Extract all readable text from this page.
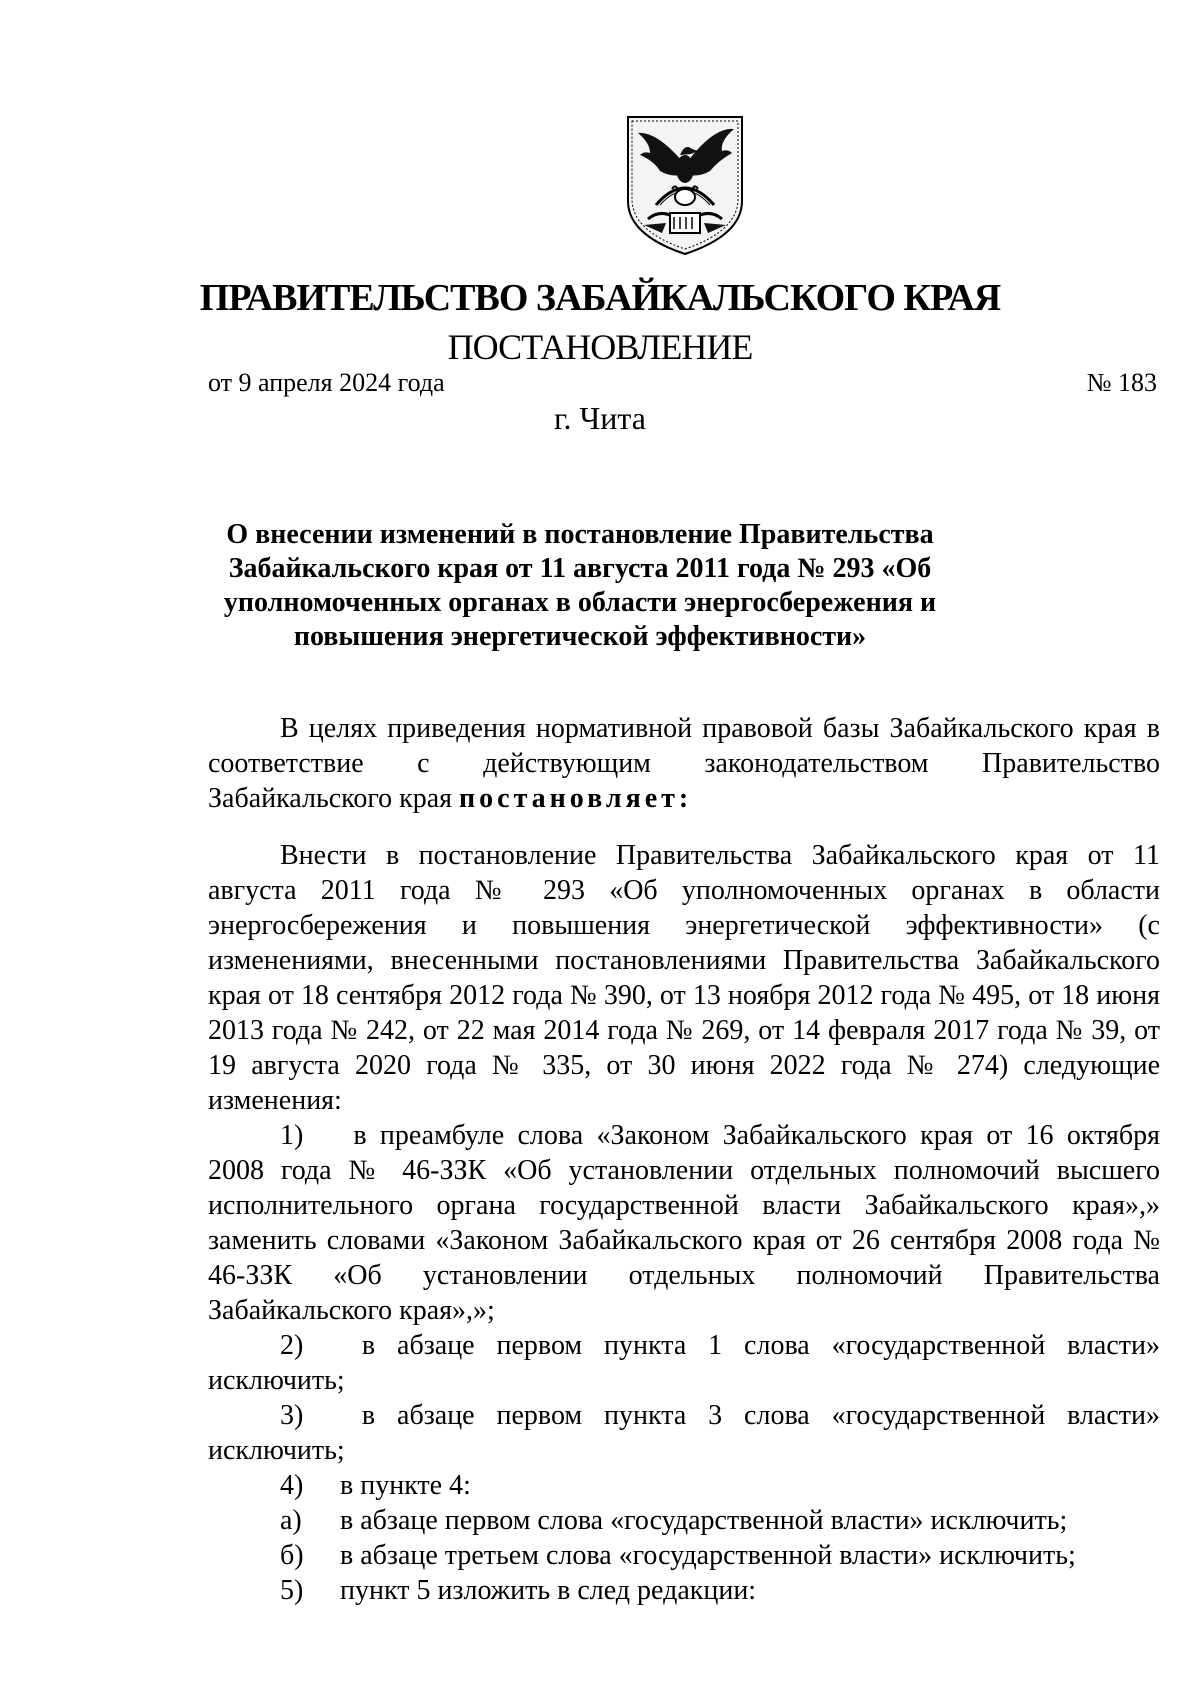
ПРАВИТЕЛЬСТВО ЗАБАЙКАЛЬСКОГО КРАЯ
ПОСТАНОВЛЕНИЕ
от 9 апреля 2024 года	№ 183
г. Чита
О внесении изменений в постановление Правительства Забайкальского края от 11 августа 2011 года № 293 «Об уполномоченных органах в области энергосбережения и повышения энергетической эффективности»

В целях приведения нормативной правовой базы Забайкальского края в соответствие с действующим законодательством Правительство Забайкальского края постановляет:

Внести в постановление Правительства Забайкальского края от 11 августа 2011 года № 293 «Об уполномоченных органах в области энергосбережения и повышения энергетической эффективности» (с изменениями, внесенными постановлениями Правительства Забайкальского края от 18 сентября 2012 года № 390, от 13 ноября 2012 года № 495, от 18 июня 2013 года № 242, от 22 мая 2014 года № 269, от 14 февраля 2017 года № 39, от 19 августа 2020 года № 335, от 30 июня 2022 года № 274) следующие изменения:

1) в преамбуле слова «Законом Забайкальского края от 16 октября 2008 года № 46-ЗЗК «Об установлении отдельных полномочий высшего исполнительного органа государственной власти Забайкальского края»,» заменить словами «Законом Забайкальского края от 26 сентября 2008 года № 46-ЗЗК «Об установлении отдельных полномочий Правительства Забайкальского края»,»;

2) в абзаце первом пункта 1 слова «государственной власти» исключить;

3) в абзаце первом пункта 3 слова «государственной власти» исключить;

4)	в пункте 4:
а)	в абзаце первом слова «государственной власти» исключить;
б)	в абзаце третьем слова «государственной власти» исключить;
5)	пункт 5 изложить в след редакции:
